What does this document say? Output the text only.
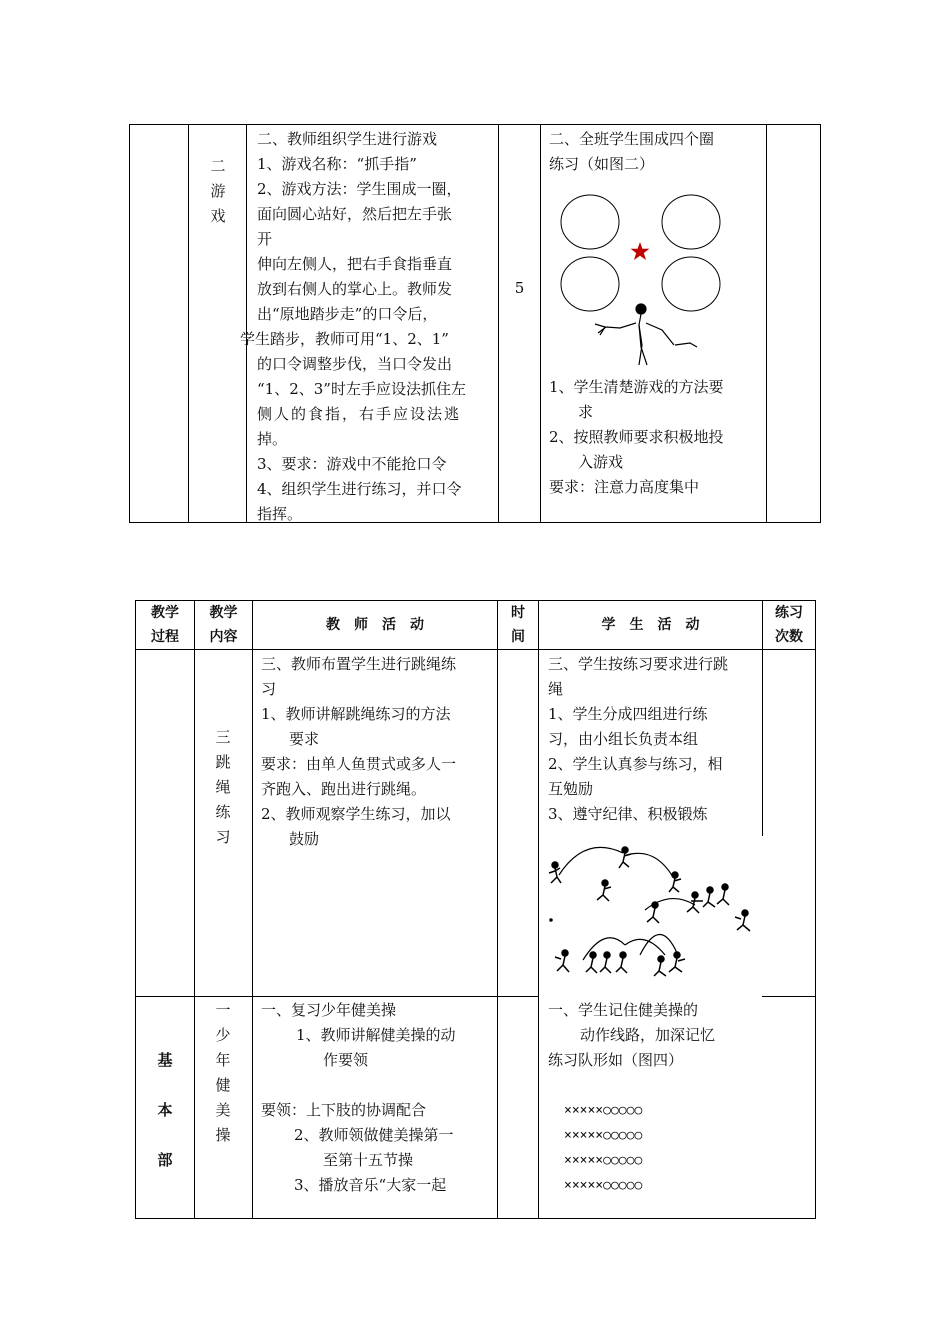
二
游
戏
二、教师组织学生进行游戏
1、游戏名称：“抓手指”
2、游戏方法：学生围成一圈，
面向圆心站好，然后把左手张
开
伸向左侧人，把右手食指垂直
放到右侧人的掌心上。教师发
出“原地踏步走”的口令后，
学生踏步，教师可用“1、2、1”
的口令调整步伐，当口令发出
“1、2、3”时左手应设法抓住左
侧人的食指，右手应设法逃
掉。
3、要求：游戏中不能抢口令
4、组织学生进行练习，并口令
指挥。
5
二、全班学生围成四个圈
练习（如图二）
1、学生清楚游戏的方法要
求
2、按照教师要求积极地投
入游戏
要求：注意力高度集中
教学
过程
教学
内容
教　师　活　动
时
间
学　生　活　动
练习
次数
三
跳
绳
练
习
三、教师布置学生进行跳绳练
习
1、教师讲解跳绳练习的方法
要求
要求：由单人鱼贯式或多人一
齐跑入、跑出进行跳绳。
2、教师观察学生练习，加以
鼓励
三、学生按练习要求进行跳
绳
1、学生分成四组进行练
习，由小组长负责本组
2、学生认真参与练习，相
互勉励
3、遵守纪律、积极锻炼
基
本
部
一
少
年
健
美
操
一、复习少年健美操
1、教师讲解健美操的动
作要领
要领：上下肢的协调配合
2、教师领做健美操第一
至第十五节操
3、播放音乐“大家一起
一、学生记住健美操的
动作线路，加深记忆
练习队形如（图四）
×××××○○○○○
×××××○○○○○
×××××○○○○○
×××××○○○○○
